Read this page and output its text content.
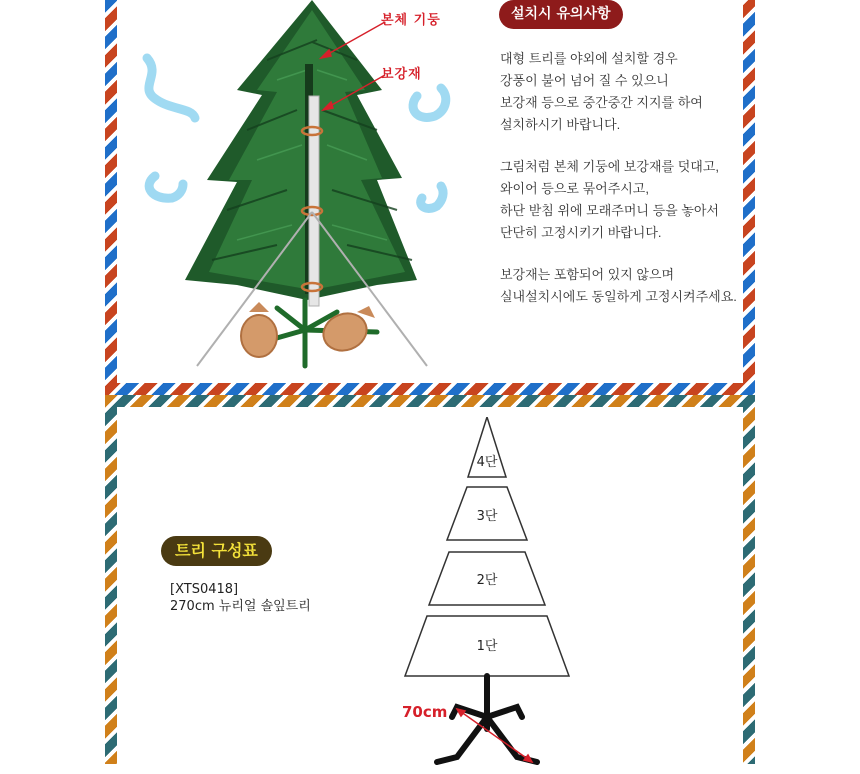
본체 기둥
보강재
설치시 유의사항

대형 트리를 야외에 설치할 경우
강풍이 불어 넘어 질 수 있으니
보강재 등으로 중간중간 지지를 하여
설치하시기 바랍니다.

그림처럼 본체 기둥에 보강재를 덧대고,
와이어 등으로 묶어주시고,
하단 받침 위에 모래주머니 등을 놓아서
단단히 고정시키기 바랍니다.

보강재는 포함되어 있지 않으며
실내설치시에도 동일하게 고정시켜주세요.

트리 구성표
[XTS0418]
270cm 뉴리얼 솔잎트리
4단
3단
2단
1단
70cm
